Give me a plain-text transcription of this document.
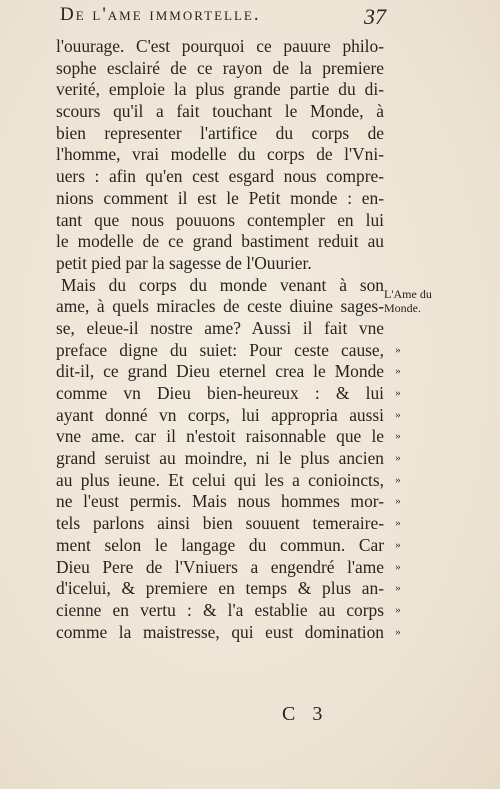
De l'ame immortelle.	37
l'ouurage. C'est pourquoi ce pauure philo-
sophe esclairé de ce rayon de la premiere
verité, emploie la plus grande partie du di-
scours qu'il a fait touchant le Monde, à
bien representer l'artifice du corps de
l'homme, vrai modelle du corps de l'Vni-
uers : afin qu'en cest esgard nous compre-
nions comment il est le Petit monde : en-
tant que nous pouuons contempler en lui
le modelle de ce grand bastiment reduit au
petit pied par la sagesse de l'Ouurier.
Mais du corps du monde venant à son
ame, à quels miracles de ceste diuine sages-
se, eleue-il nostre ame? Aussi il fait vne
preface digne du suiet: Pour ceste cause,
dit-il, ce grand Dieu eternel crea le Monde
comme vn Dieu bien-heureux : & lui
ayant donné vn corps, lui appropria aussi
vne ame. car il n'estoit raisonnable que le
grand seruist au moindre, ni le plus ancien
au plus ieune. Et celui qui les a conioincts,
ne l'eust permis. Mais nous hommes mor-
tels parlons ainsi bien souuent temeraire-
ment selon le langage du commun. Car
Dieu Pere de l'Vniuers a engendré l'ame
d'icelui, & premiere en temps & plus an-
cienne en vertu : & l'a establie au corps
comme la maistresse, qui eust domination
L'Ame du
Monde.
»
»
»
»
»
»
»
»
»
»
»
»
»
»
C 3
